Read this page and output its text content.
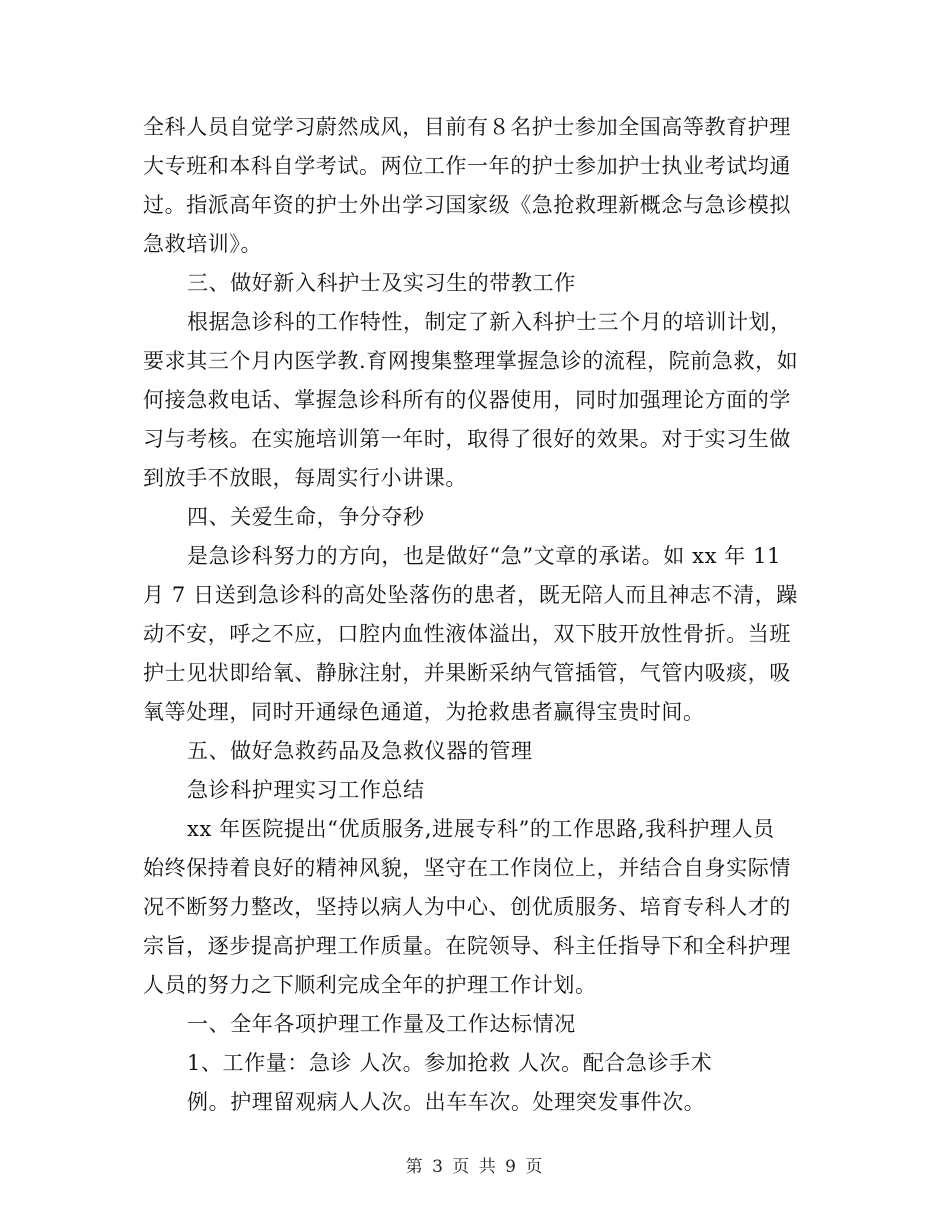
全科人员自觉学习蔚然成风，目前有８名护士参加全国高等教育护理
大专班和本科自学考试。两位工作一年的护士参加护士执业考试均通
过。指派高年资的护士外出学习国家级《急抢救理新概念与急诊模拟
急救培训》。
三、做好新入科护士及实习生的带教工作
根据急诊科的工作特性，制定了新入科护士三个月的培训计划，
要求其三个月内医学教.育网搜集整理掌握急诊的流程，院前急救，如
何接急救电话、掌握急诊科所有的仪器使用，同时加强理论方面的学
习与考核。在实施培训第一年时，取得了很好的效果。对于实习生做
到放手不放眼，每周实行小讲课。
四、关爱生命，争分夺秒
是急诊科努力的方向，也是做好“急”文章的承诺。如 xx 年 11
月 7 日送到急诊科的高处坠落伤的患者，既无陪人而且神志不清，躁
动不安，呼之不应，口腔内血性液体溢出，双下肢开放性骨折。当班
护士见状即给氧、静脉注射，并果断采纳气管插管，气管内吸痰，吸
氧等处理，同时开通绿色通道，为抢救患者赢得宝贵时间。
五、做好急救药品及急救仪器的管理
急诊科护理实习工作总结
xx 年医院提出“优质服务,进展专科”的工作思路,我科护理人员
始终保持着良好的精神风貌，坚守在工作岗位上，并结合自身实际情
况不断努力整改，坚持以病人为中心、创优质服务、培育专科人才的
宗旨，逐步提高护理工作质量。在院领导、科主任指导下和全科护理
人员的努力之下顺利完成全年的护理工作计划。
一、全年各项护理工作量及工作达标情况
1、工作量：急诊 人次。参加抢救 人次。配合急诊手术
例。护理留观病人人次。出车车次。处理突发事件次。
第 3 页 共 9 页
